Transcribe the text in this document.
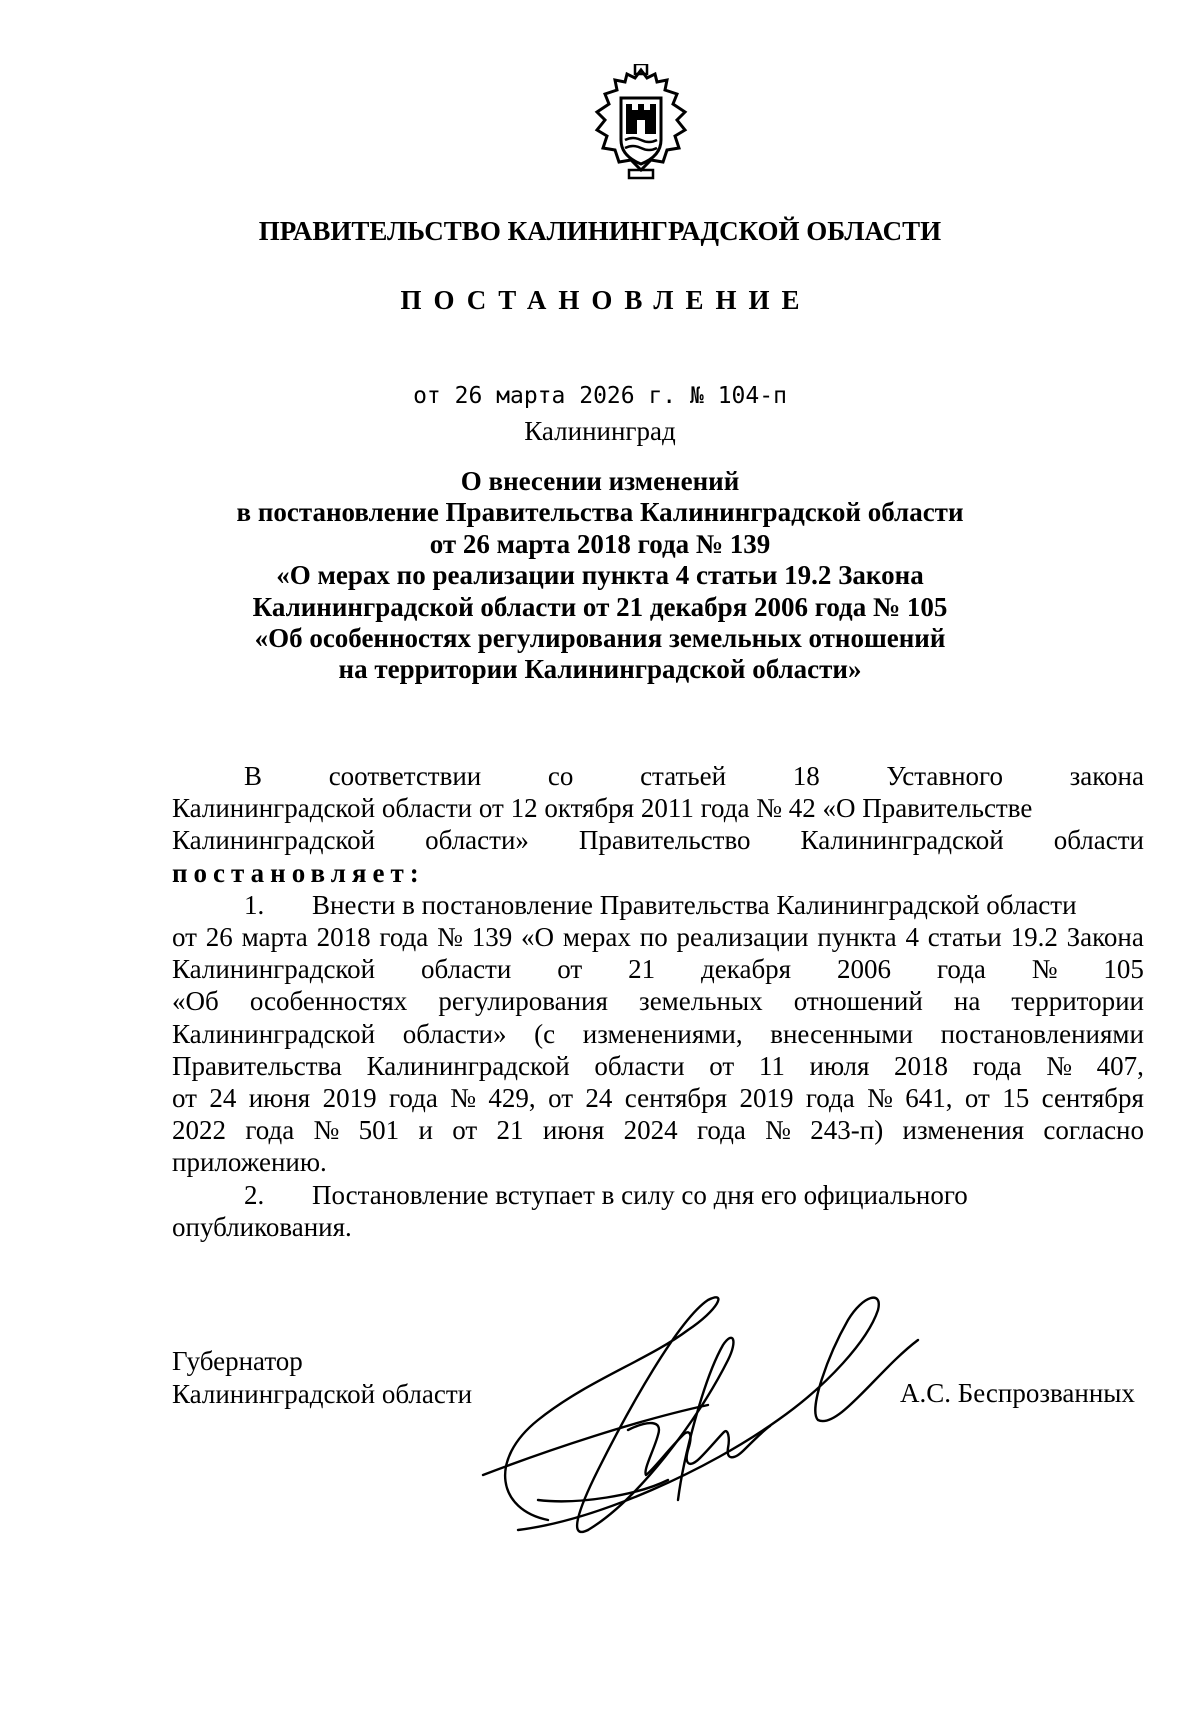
ПРАВИТЕЛЬСТВО КАЛИНИНГРАДСКОЙ ОБЛАСТИ
ПОСТАНОВЛЕНИЕ
от 26 марта 2026 г. № 104-п
Калининград
О внесении изменений
в постановление Правительства Калининградской области
от 26 марта 2018 года № 139
«О мерах по реализации пункта 4 статьи 19.2 Закона
Калининградской области от 21 декабря 2006 года № 105
«Об особенностях регулирования земельных отношений
на территории Калининградской области»
В соответствии со статьей 18 Уставного закона
Калининградской области от 12 октября 2011 года № 42 «О Правительстве
Калининградской области» Правительство Калининградской области
постановляет:
1. Внести в постановление Правительства Калининградской области
от 26 марта 2018 года № 139 «О мерах по реализации пункта 4 статьи 19.2 Закона
Калининградской области от 21 декабря 2006 года № 105
«Об особенностях регулирования земельных отношений на территории
Калининградской области» (с изменениями, внесенными постановлениями
Правительства Калининградской области от 11 июля 2018 года № 407,
от 24 июня 2019 года № 429, от 24 сентября 2019 года № 641, от 15 сентября
2022 года № 501 и от 21 июня 2024 года № 243-п) изменения согласно
приложению.
2. Постановление вступает в силу со дня его официального
опубликования.
Губернатор
Калининградской области	А.С. Беспрозванных
